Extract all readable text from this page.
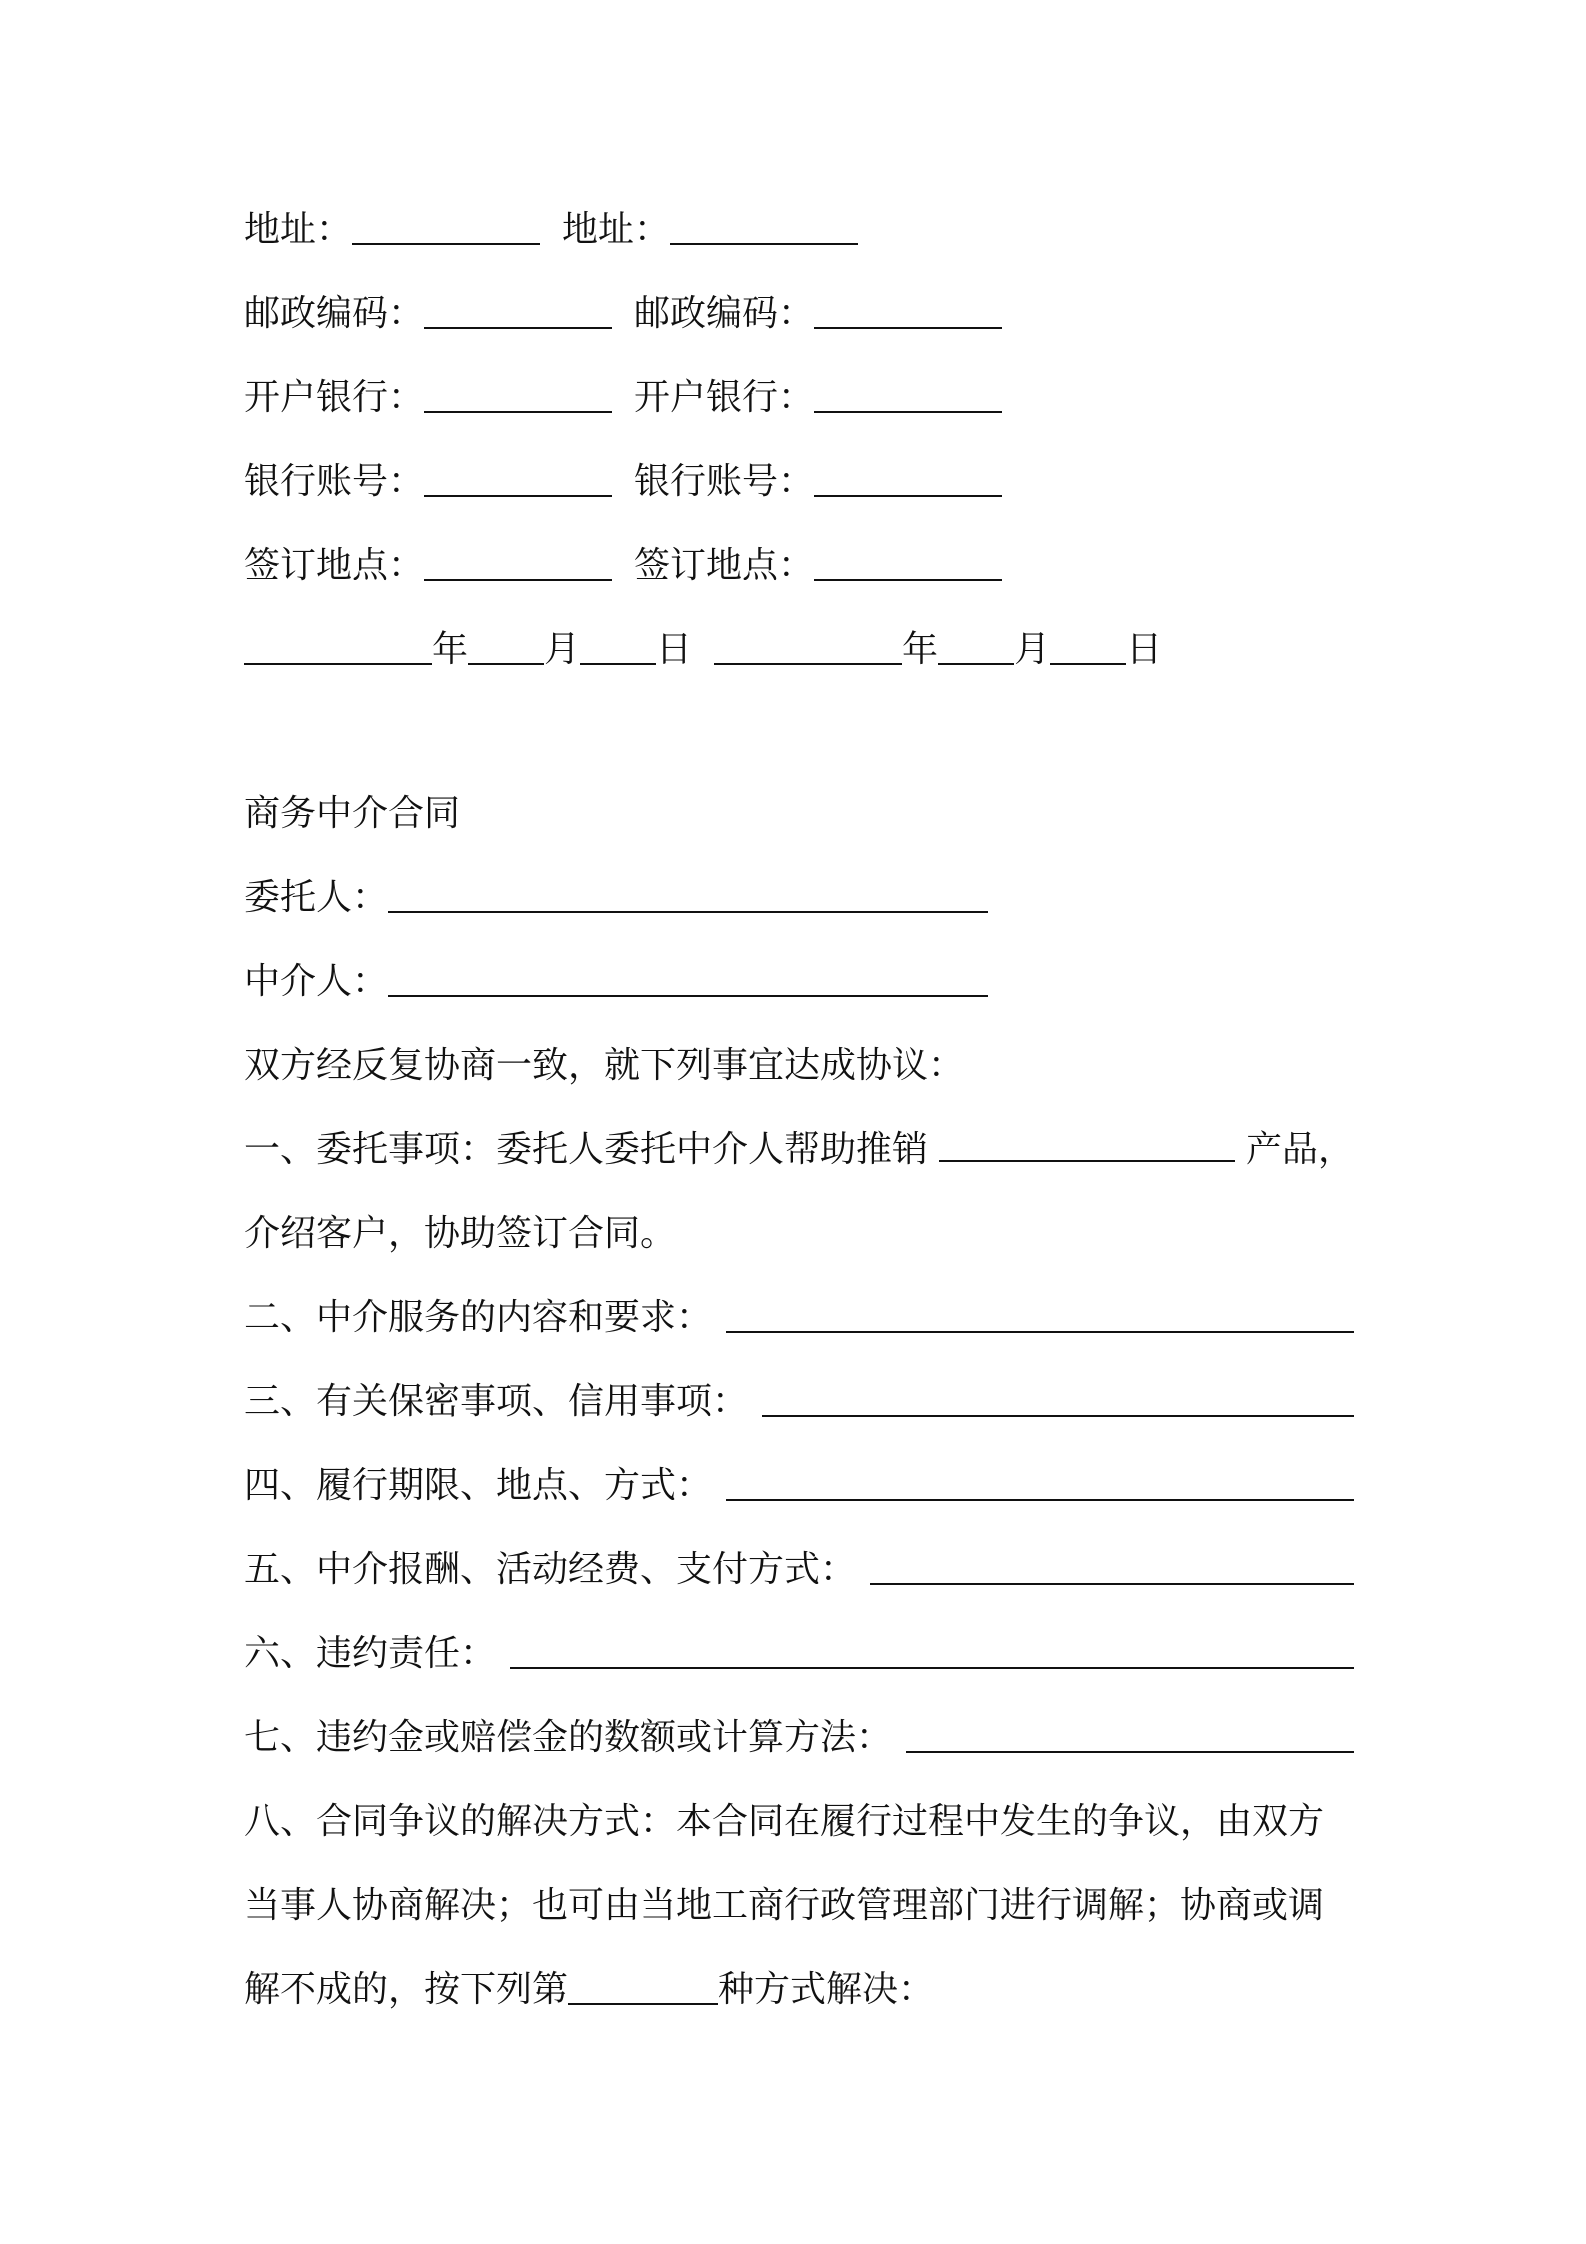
地址：	地址：
邮政编码：	邮政编码：
开户银行：	开户银行：
银行账号：	银行账号：
签订地点：	签订地点：
年 月 日	年 月 日
商务中介合同
委托人：
中介人：
双方经反复协商一致，就下列事宜达成协议：
一、委托事项：委托人委托中介人帮助推销	产品，
介绍客户，协助签订合同。
二、中介服务的内容和要求：
三、有关保密事项、信用事项：
四、履行期限、地点、方式：
五、中介报酬、活动经费、支付方式：
六、违约责任：
七、违约金或赔偿金的数额或计算方法：
八、合同争议的解决方式：本合同在履行过程中发生的争议，由双方
当事人协商解决；也可由当地工商行政管理部门进行调解；协商或调
解不成的，按下列第	种方式解决：
